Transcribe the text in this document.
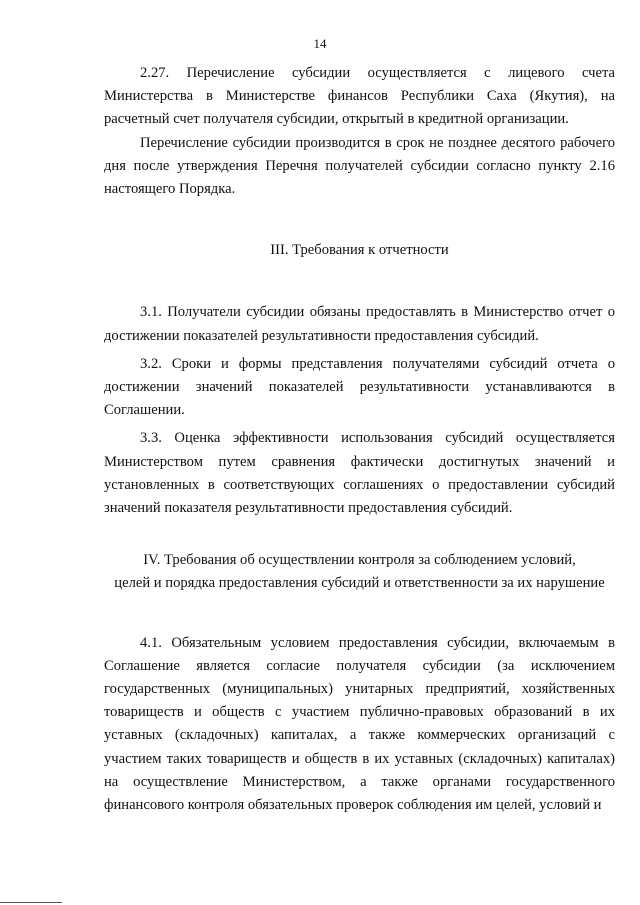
14

2.27. Перечисление субсидии осуществляется с лицевого счета Министерства в Министерстве финансов Республики Саха (Якутия), на расчетный счет получателя субсидии, открытый в кредитной организации.

Перечисление субсидии производится в срок не позднее десятого рабочего дня после утверждения Перечня получателей субсидии согласно пункту 2.16 настоящего Порядка.

III. Требования к отчетности

3.1. Получатели субсидии обязаны предоставлять в Министерство отчет о достижении показателей результативности предоставления субсидий.

3.2. Сроки и формы представления получателями субсидий отчета о достижении значений показателей результативности устанавливаются в Соглашении.

3.3. Оценка эффективности использования субсидий осуществляется Министерством путем сравнения фактически достигнутых значений и установленных в соответствующих соглашениях о предоставлении субсидий значений показателя результативности предоставления субсидий.

IV. Требования об осуществлении контроля за соблюдением условий,
целей и порядка предоставления субсидий и ответственности за их нарушение

4.1. Обязательным условием предоставления субсидии, включаемым в Соглашение является согласие получателя субсидии (за исключением государственных (муниципальных) унитарных предприятий, хозяйственных товариществ и обществ с участием публично-правовых образований в их уставных (складочных) капиталах, а также коммерческих организаций с участием таких товариществ и обществ в их уставных (складочных) капиталах) на осуществление Министерством, а также органами государственного финансового контроля обязательных проверок соблюдения им целей, условий и
